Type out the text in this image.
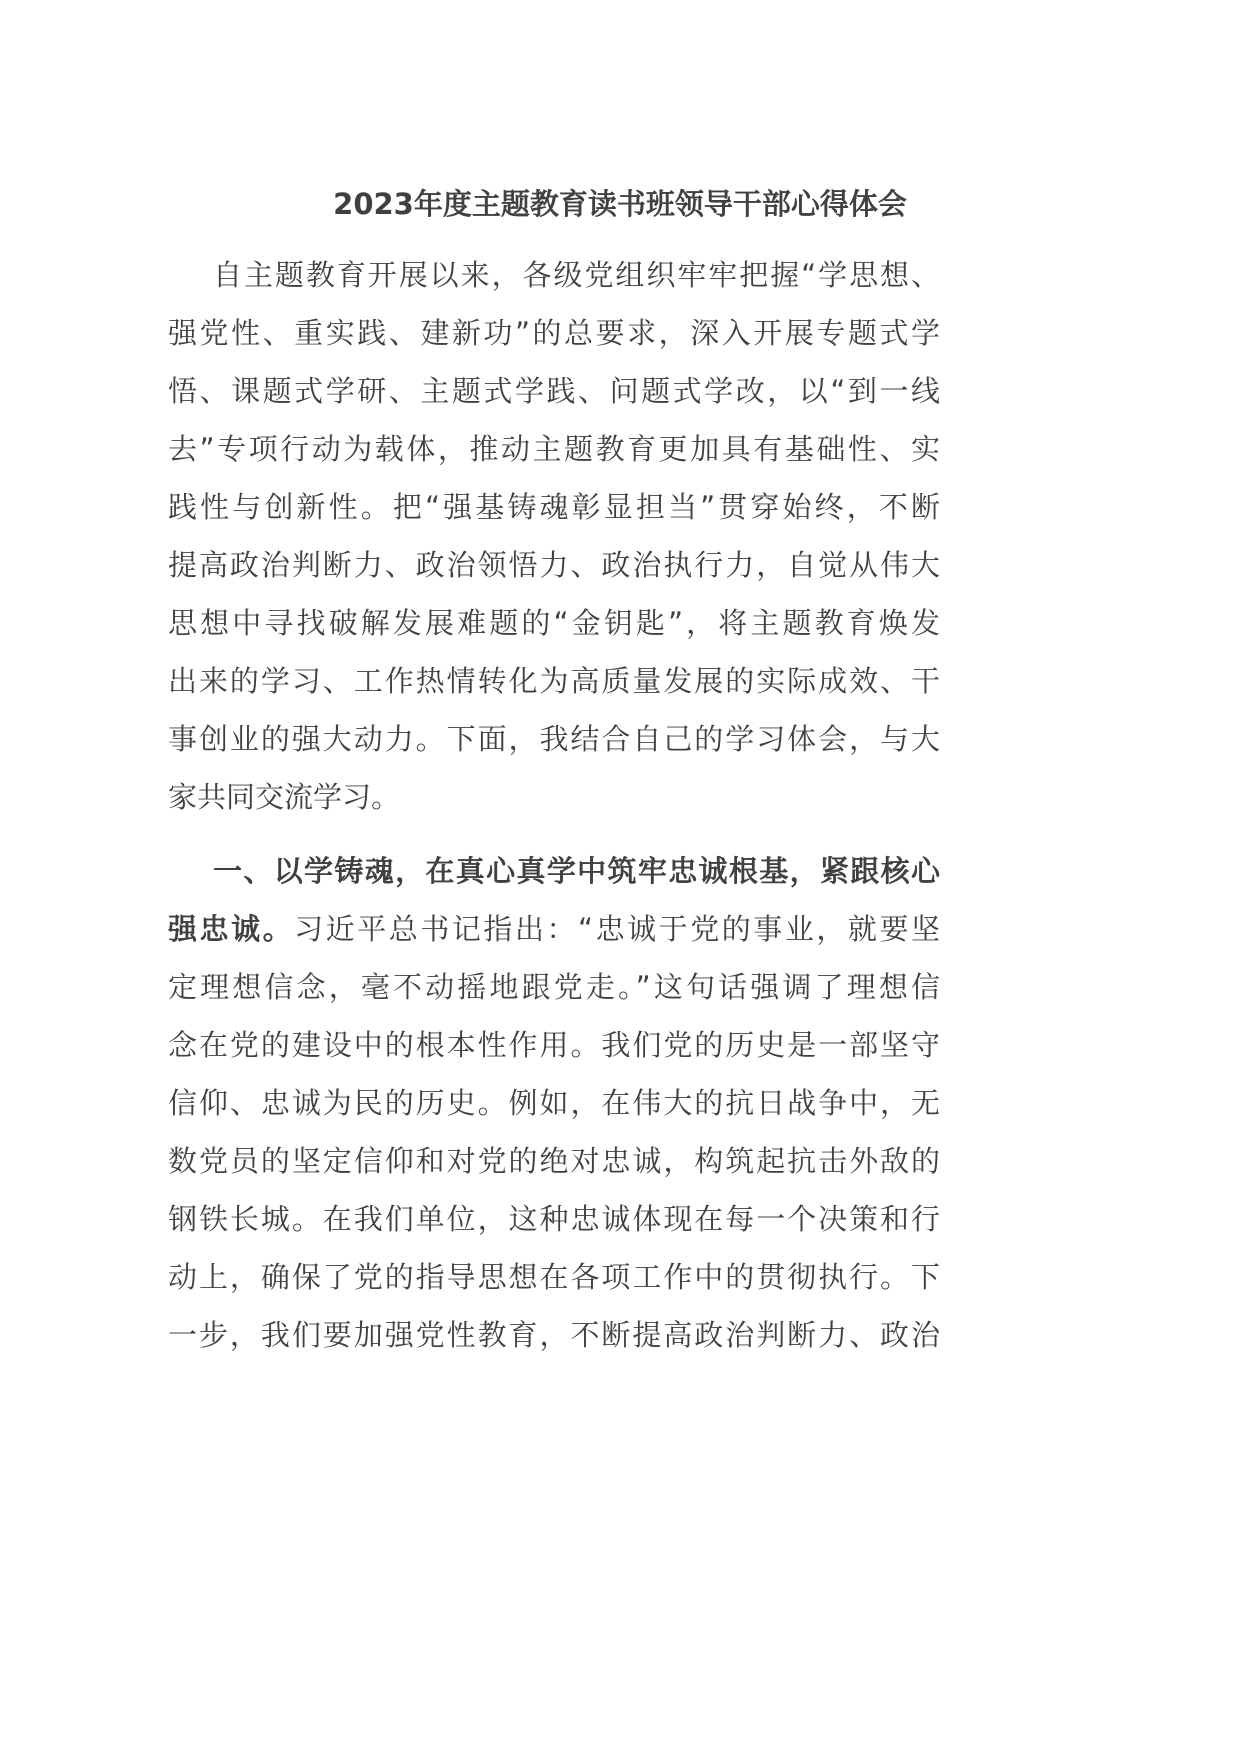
2023年度主题教育读书班领导干部心得体会
自主题教育开展以来，各级党组织牢牢把握“学思想、
强党性、重实践、建新功”的总要求，深入开展专题式学
悟、课题式学研、主题式学践、问题式学改，以“到一线
去”专项行动为载体，推动主题教育更加具有基础性、实
践性与创新性。把“强基铸魂彰显担当”贯穿始终，不断
提高政治判断力、政治领悟力、政治执行力，自觉从伟大
思想中寻找破解发展难题的“金钥匙”，将主题教育焕发
出来的学习、工作热情转化为高质量发展的实际成效、干
事创业的强大动力。下面，我结合自己的学习体会，与大
家共同交流学习。
一、以学铸魂，在真心真学中筑牢忠诚根基，紧跟核心
强忠诚。习近平总书记指出：“忠诚于党的事业，就要坚
定理想信念，毫不动摇地跟党走。”这句话强调了理想信
念在党的建设中的根本性作用。我们党的历史是一部坚守
信仰、忠诚为民的历史。例如，在伟大的抗日战争中，无
数党员的坚定信仰和对党的绝对忠诚，构筑起抗击外敌的
钢铁长城。在我们单位，这种忠诚体现在每一个决策和行
动上，确保了党的指导思想在各项工作中的贯彻执行。下
一步，我们要加强党性教育，不断提高政治判断力、政治
